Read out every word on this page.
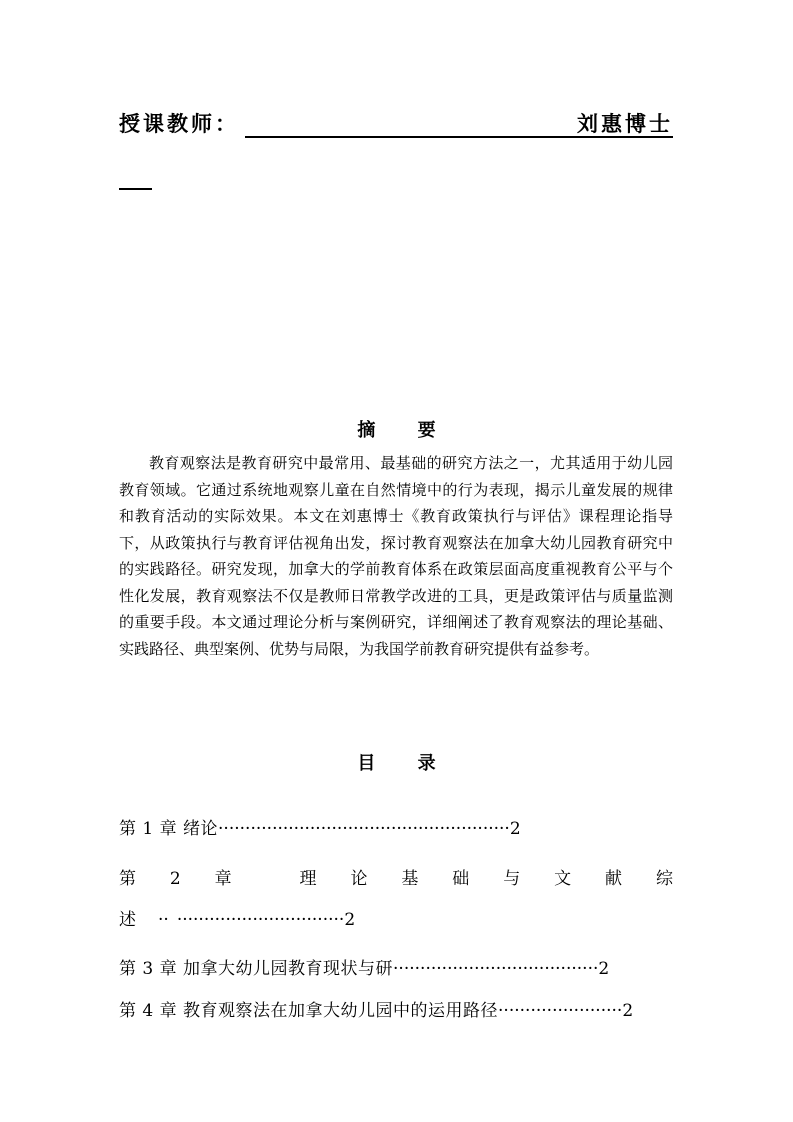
授课教师：	刘惠博士
摘 要

教育观察法是教育研究中最常用、最基础的研究方法之一，尤其适用于幼儿园教育领域。它通过系统地观察儿童在自然情境中的行为表现，揭示儿童发展的规律和教育活动的实际效果。本文在刘惠博士《教育政策执行与评估》课程理论指导下，从政策执行与教育评估视角出发，探讨教育观察法在加拿大幼儿园教育研究中的实践路径。研究发现，加拿大的学前教育体系在政策层面高度重视教育公平与个性化发展，教育观察法不仅是教师日常教学改进的工具，更是政策评估与质量监测的重要手段。本文通过理论分析与案例研究，详细阐述了教育观察法的理论基础、实践路径、典型案例、优势与局限，为我国学前教育研究提供有益参考。

目 录
第 1 章 绪论······················································2
第 2 章	理 论 基 础 与 文 献 综
述 ·· ·······························2
第 3 章 加拿大幼儿园教育现状与研······································2
第 4 章 教育观察法在加拿大幼儿园中的运用路径·······················2
